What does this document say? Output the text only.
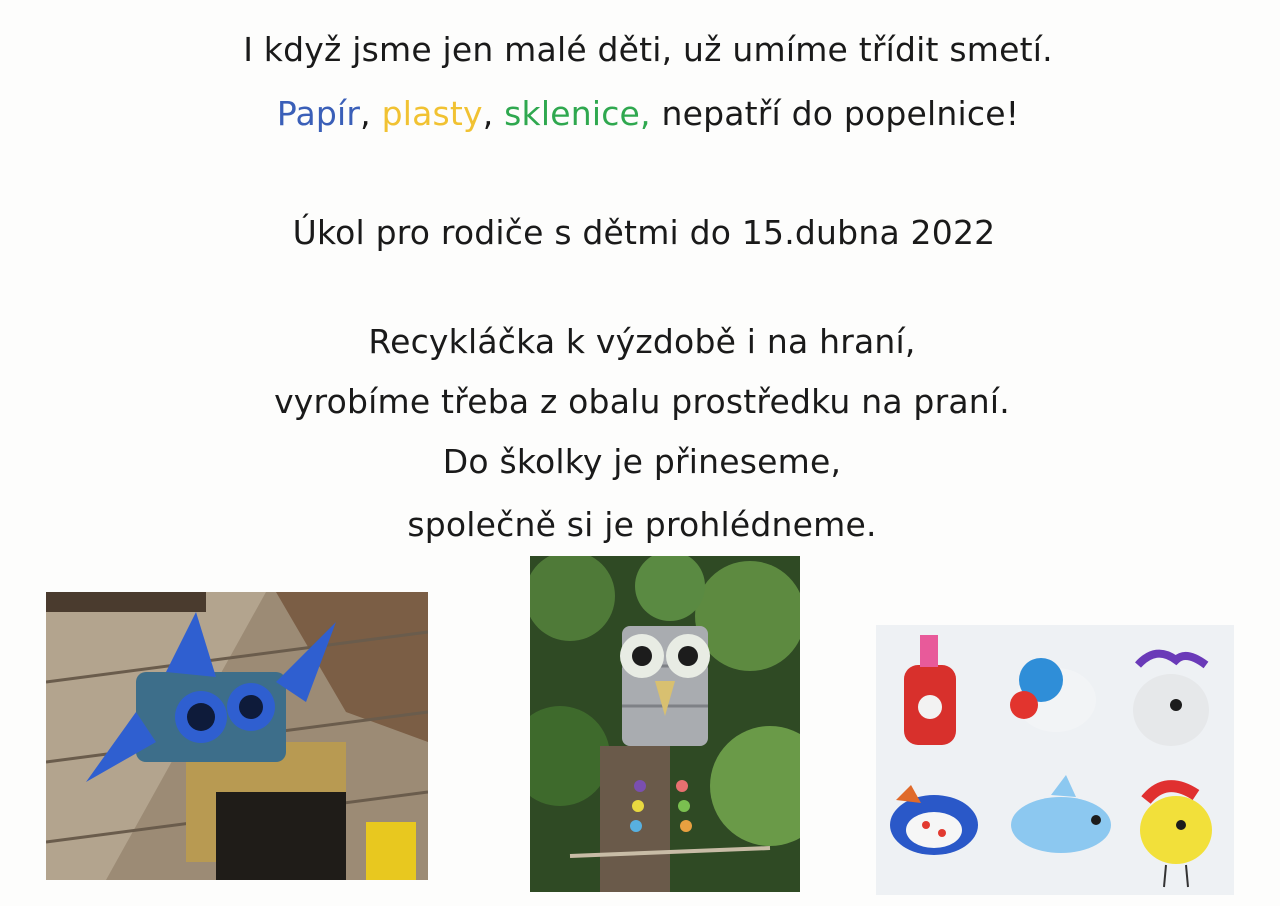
I když jsme jen malé děti, už umíme třídit smetí.
Papír, plasty, sklenice, nepatří do popelnice!
Úkol pro rodiče s dětmi do 15.dubna 2022
Recykláčka k výzdobě i na hraní,
vyrobíme třeba z obalu prostředku na praní.
Do školky je přineseme,
společně si je prohlédneme.
